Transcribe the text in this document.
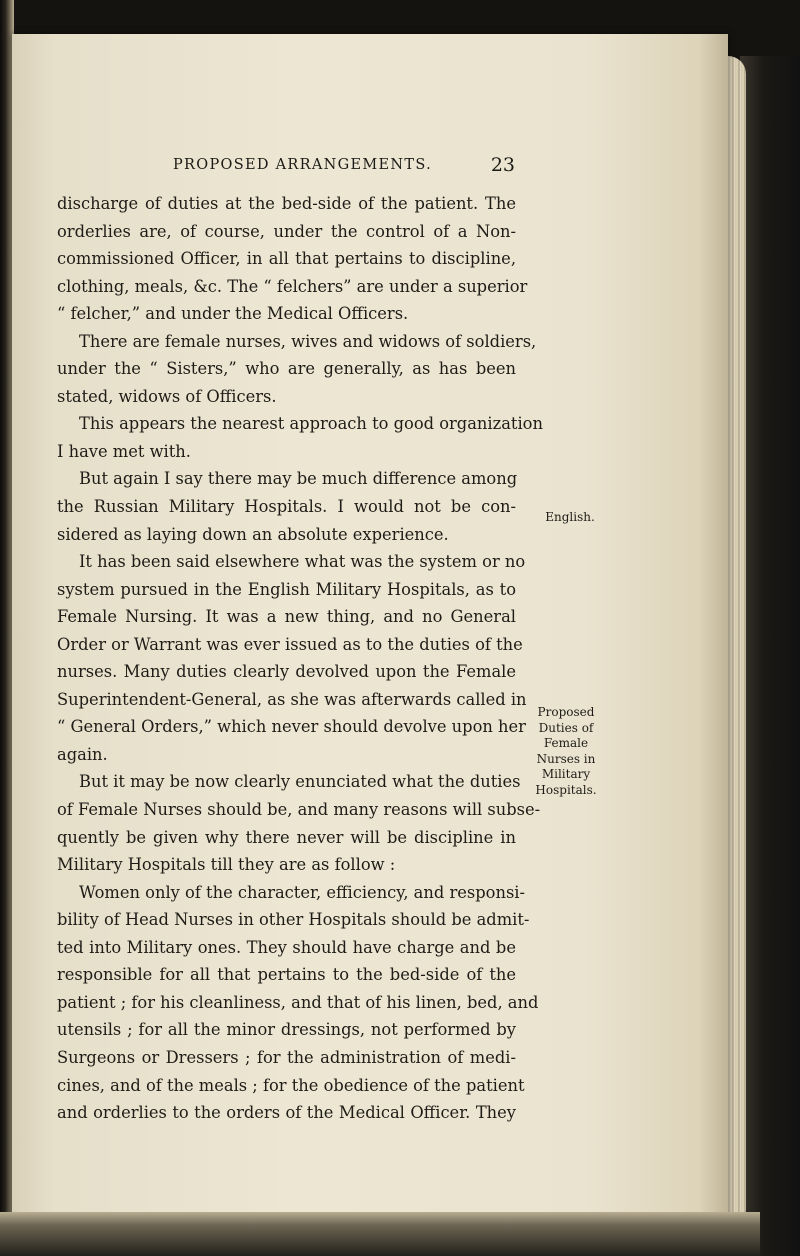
PROPOSED ARRANGEMENTS.	23
discharge of duties at the bed-side of the patient. The
orderlies are, of course, under the control of a Non-
commissioned Officer, in all that pertains to discipline,
clothing, meals, &c. The “ felchers” are under a superior
“ felcher,” and under the Medical Officers.
There are female nurses, wives and widows of soldiers,
under the “ Sisters,” who are generally, as has been
stated, widows of Officers.
This appears the nearest approach to good organization
I have met with.
But again I say there may be much difference among
the Russian Military Hospitals. I would not be con-
sidered as laying down an absolute experience.
It has been said elsewhere what was the system or no
system pursued in the English Military Hospitals, as to
Female Nursing. It was a new thing, and no General
Order or Warrant was ever issued as to the duties of the
nurses. Many duties clearly devolved upon the Female
Superintendent-General, as she was afterwards called in
“ General Orders,” which never should devolve upon her
again.
But it may be now clearly enunciated what the duties
of Female Nurses should be, and many reasons will subse-
quently be given why there never will be discipline in
Military Hospitals till they are as follow :
Women only of the character, efficiency, and responsi-
bility of Head Nurses in other Hospitals should be admit-
ted into Military ones. They should have charge and be
responsible for all that pertains to the bed-side of the
patient ; for his cleanliness, and that of his linen, bed, and
utensils ; for all the minor dressings, not performed by
Surgeons or Dressers ; for the administration of medi-
cines, and of the meals ; for the obedience of the patient
and orderlies to the orders of the Medical Officer. They
English.
Proposed
Duties of
Female
Nurses in
Military
Hospitals.
